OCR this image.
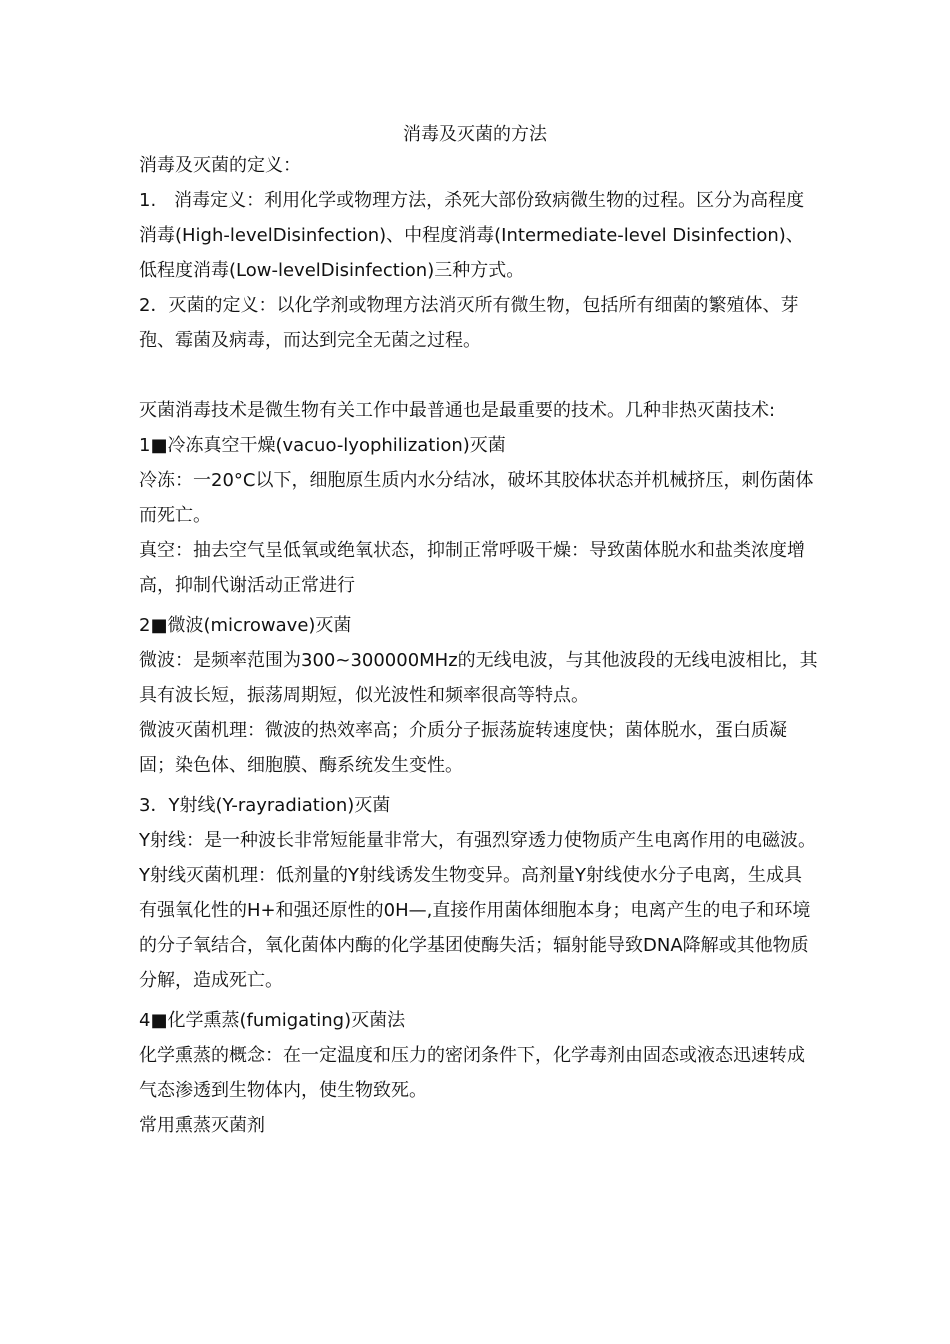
消毒及灭菌的方法

消毒及灭菌的定义：

1.　消毒定义：利用化学或物理方法，杀死大部份致病微生物的过程。区分为高程度消毒(High-levelDisinfection)、中程度消毒(Intermediate-level Disinfection)、低程度消毒(Low-levelDisinfection)三种方式。

2．灭菌的定义：以化学剂或物理方法消灭所有微生物，包括所有细菌的繁殖体、芽孢、霉菌及病毒，而达到完全无菌之过程。

灭菌消毒技术是微生物有关工作中最普通也是最重要的技术。几种非热灭菌技术:

1■冷冻真空干燥(vacuo-lyophilization)灭菌

冷冻：一20°C以下，细胞原生质内水分结冰，破坏其胶体状态并机械挤压，刺伤菌体而死亡。

真空：抽去空气呈低氧或绝氧状态，抑制正常呼吸干燥：导致菌体脱水和盐类浓度增高，抑制代谢活动正常进行

2■微波(microwave)灭菌

微波：是频率范围为300~300000MHz的无线电波，与其他波段的无线电波相比，其具有波长短，振荡周期短，似光波性和频率很高等特点。

微波灭菌机理：微波的热效率高；介质分子振荡旋转速度快；菌体脱水，蛋白质凝固；染色体、细胞膜、酶系统发生变性。

3．Y射线(Y-rayradiation)灭菌

Y射线：是一种波长非常短能量非常大，有强烈穿透力使物质产生电离作用的电磁波。

Y射线灭菌机理：低剂量的Y射线诱发生物变异。高剂量Y射线使水分子电离，生成具有强氧化性的H+和强还原性的0H—,直接作用菌体细胞本身；电离产生的电子和环境的分子氧结合，氧化菌体内酶的化学基团使酶失活；辐射能导致DNA降解或其他物质分解，造成死亡。

4■化学熏蒸(fumigating)灭菌法

化学熏蒸的概念：在一定温度和压力的密闭条件下，化学毒剂由固态或液态迅速转成气态渗透到生物体内，使生物致死。

常用熏蒸灭菌剂
